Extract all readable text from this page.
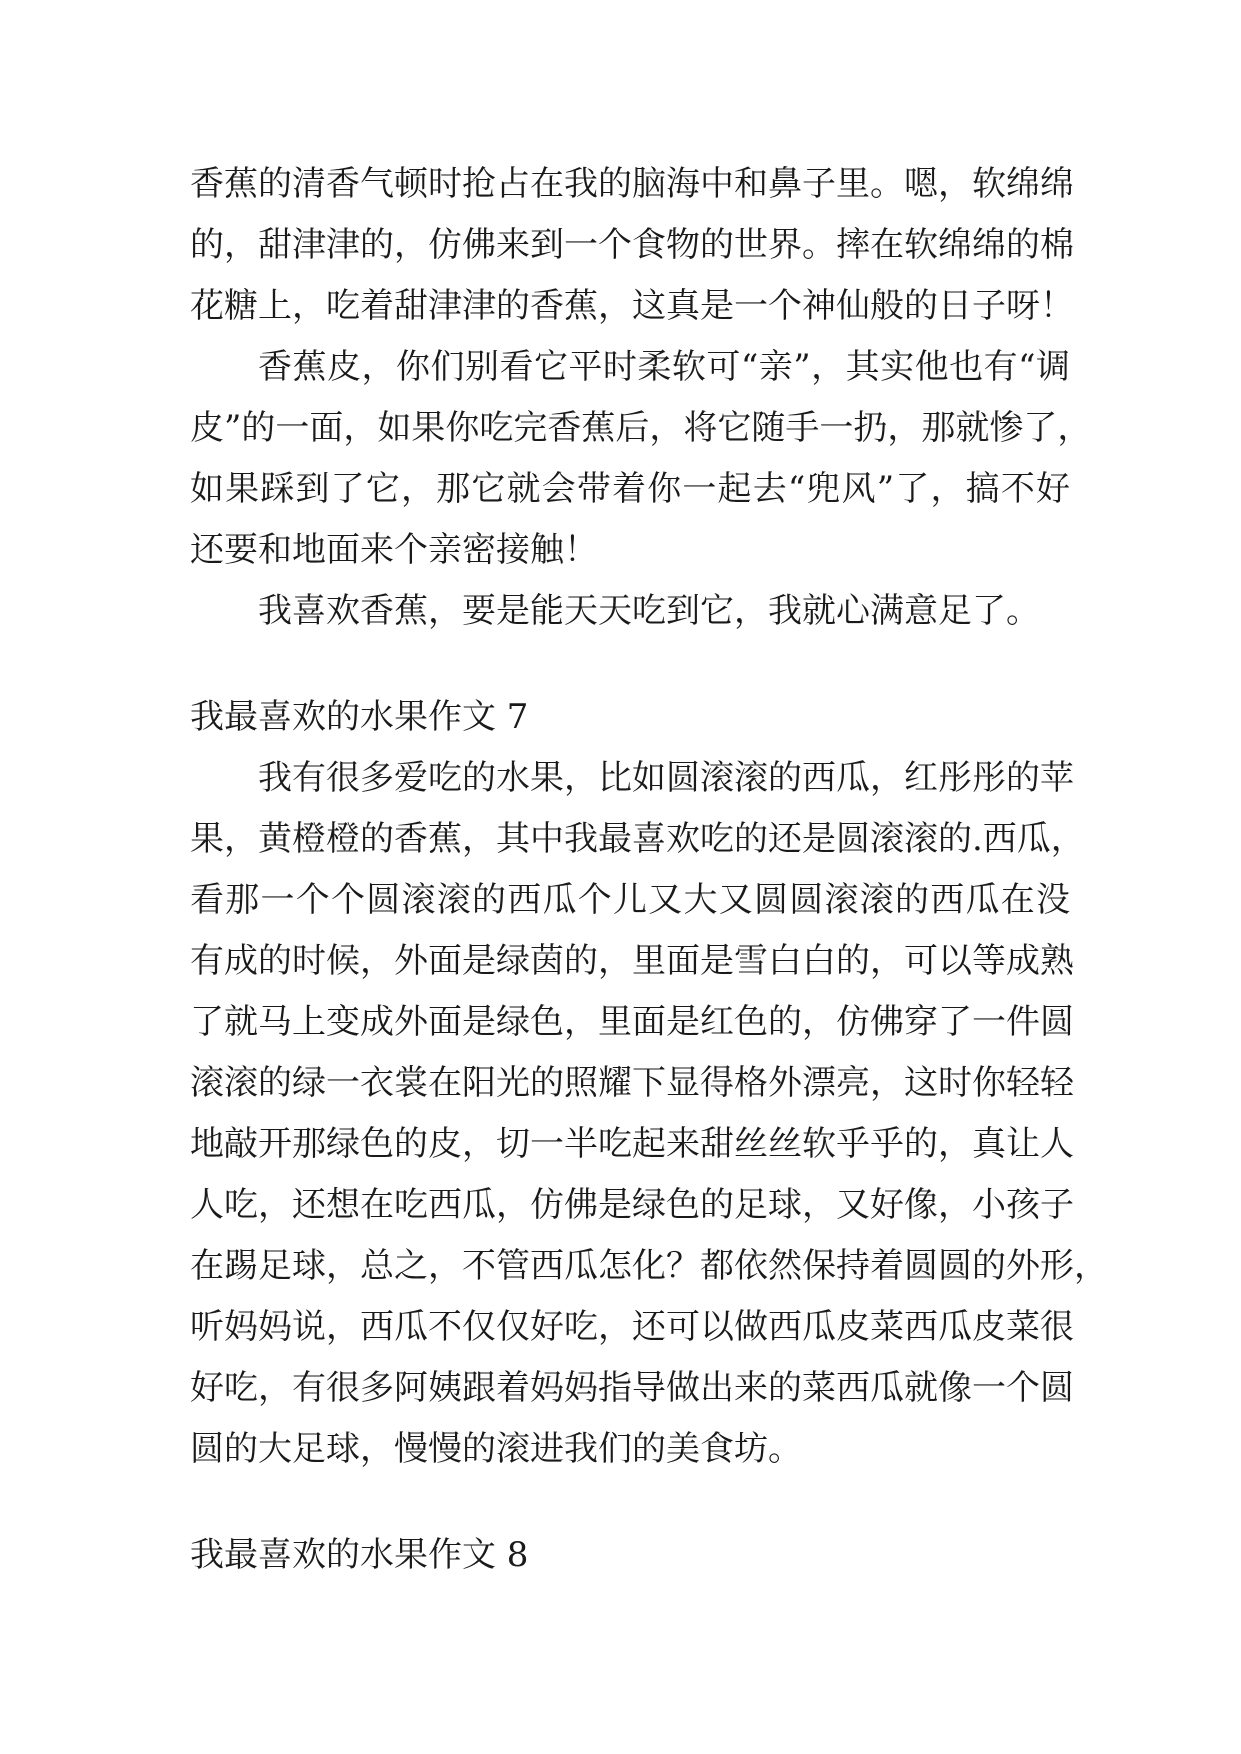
香蕉的清香气顿时抢占在我的脑海中和鼻子里。嗯，软绵绵
的，甜津津的，仿佛来到一个食物的世界。摔在软绵绵的棉
花糖上，吃着甜津津的香蕉，这真是一个神仙般的日子呀！
香蕉皮，你们别看它平时柔软可“亲”，其实他也有“调
皮”的一面，如果你吃完香蕉后，将它随手一扔，那就惨了，
如果踩到了它，那它就会带着你一起去“兜风”了，搞不好
还要和地面来个亲密接触！
我喜欢香蕉，要是能天天吃到它，我就心满意足了。
我最喜欢的水果作文 7
我有很多爱吃的水果，比如圆滚滚的西瓜，红彤彤的苹
果，黄橙橙的香蕉，其中我最喜欢吃的还是圆滚滚的.西瓜，
看那一个个圆滚滚的西瓜个儿又大又圆圆滚滚的西瓜在没
有成的时候，外面是绿茵的，里面是雪白白的，可以等成熟
了就马上变成外面是绿色，里面是红色的，仿佛穿了一件圆
滚滚的绿一衣裳在阳光的照耀下显得格外漂亮，这时你轻轻
地敲开那绿色的皮，切一半吃起来甜丝丝软乎乎的，真让人
人吃，还想在吃西瓜，仿佛是绿色的足球，又好像，小孩子
在踢足球，总之，不管西瓜怎化？都依然保持着圆圆的外形，
听妈妈说，西瓜不仅仅好吃，还可以做西瓜皮菜西瓜皮菜很
好吃，有很多阿姨跟着妈妈指导做出来的菜西瓜就像一个圆
圆的大足球，慢慢的滚进我们的美食坊。
我最喜欢的水果作文 8
